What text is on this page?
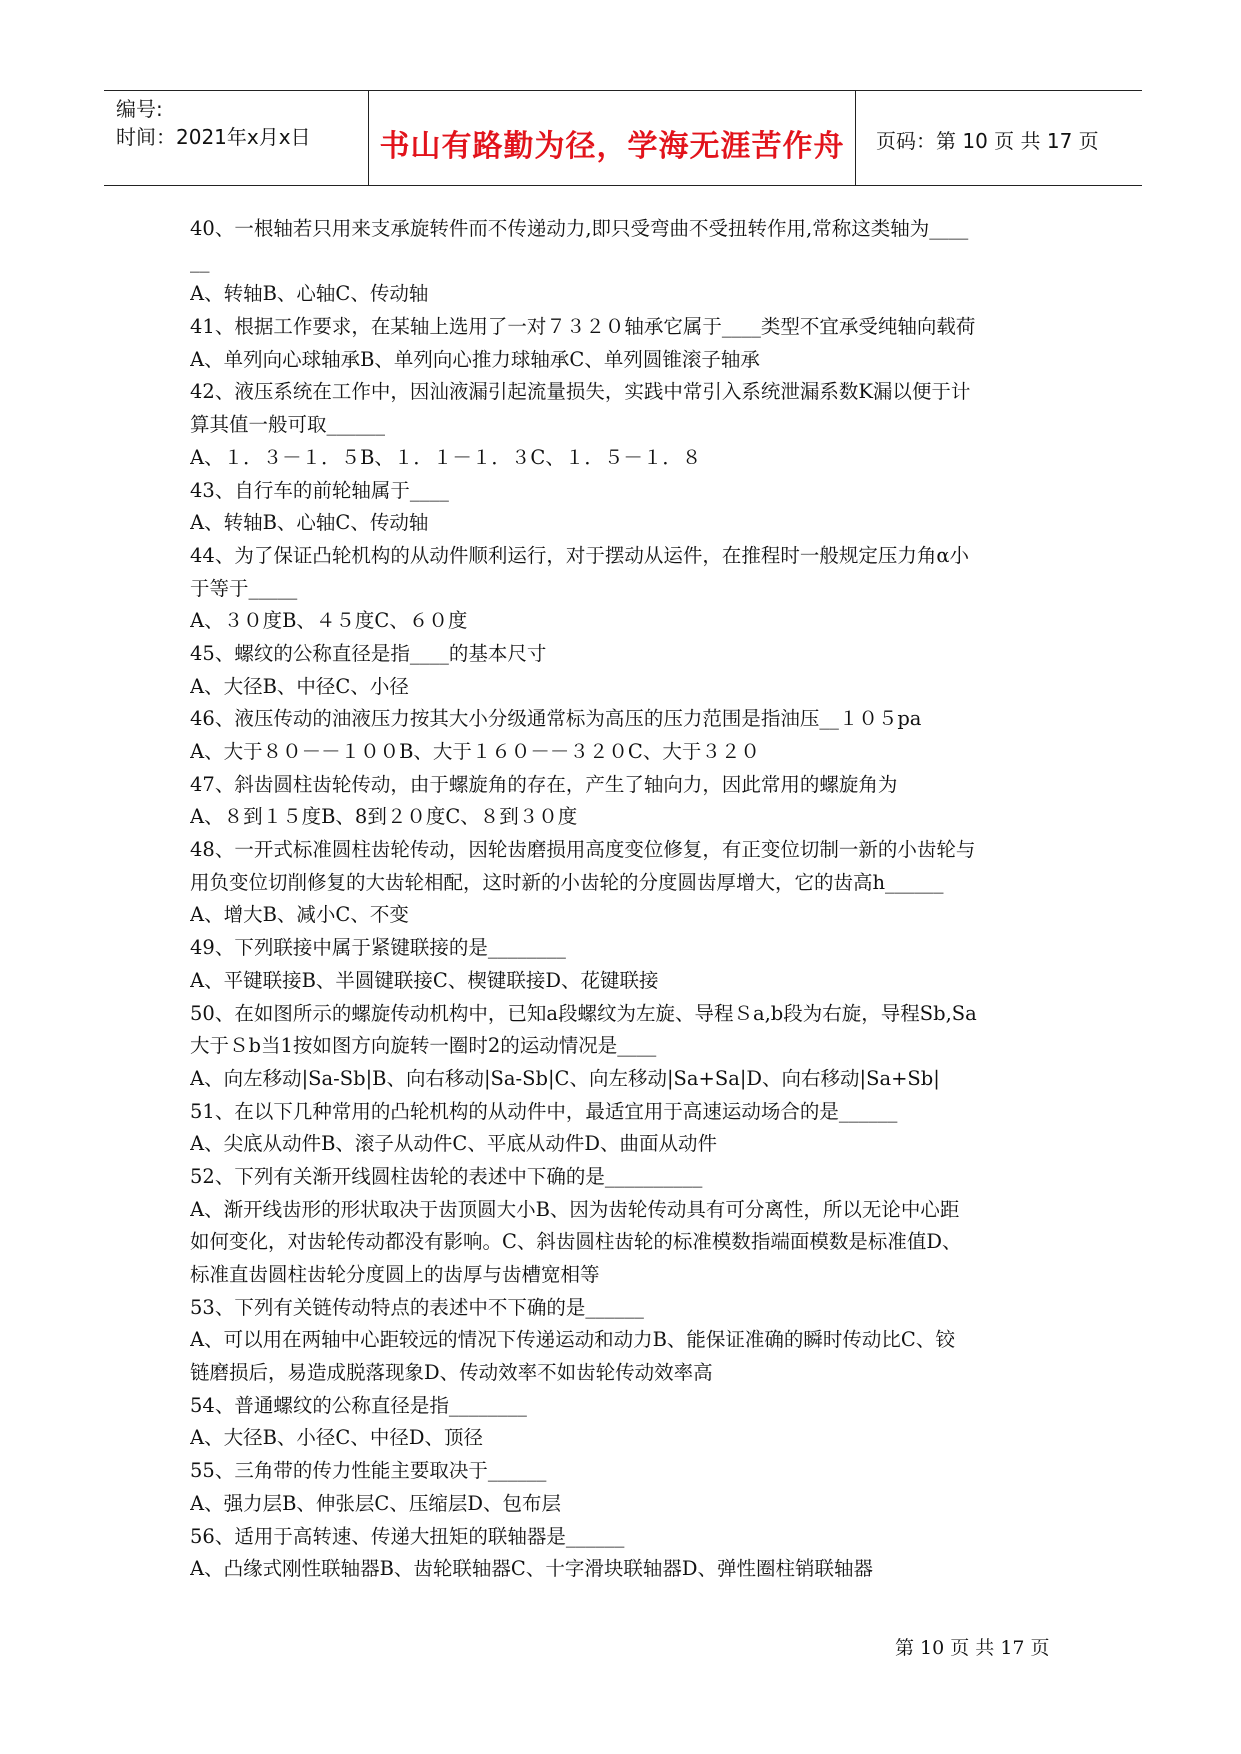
编号:
时间：2021年x月x日	书山有路勤为径，学海无涯苦作舟	页码：第 10 页 共 17 页
40、一根轴若只用来支承旋转件而不传递动力,即只受弯曲不受扭转作用,常称这类轴为____
__
A、转轴B、心轴C、传动轴
41、根据工作要求，在某轴上选用了一对７３２０轴承它属于____类型不宜承受纯轴向载荷
A、单列向心球轴承B、单列向心推力球轴承C、单列圆锥滚子轴承
42、液压系统在工作中，因汕液漏引起流量损失，实践中常引入系统泄漏系数K漏以便于计
算其值一般可取______
A、１．３－１．５B、１．１－１．３C、１．５－１．８
43、自行车的前轮轴属于____
A、转轴B、心轴C、传动轴
44、为了保证凸轮机构的从动件顺利运行，对于摆动从运件，在推程时一般规定压力角α小
于等于_____
A、３０度B、４５度C、６０度
45、螺纹的公称直径是指____的基本尺寸
A、大径B、中径C、小径
46、液压传动的油液压力按其大小分级通常标为高压的压力范围是指油压__１０５pa
A、大于８０－－１００B、大于１６０－－３２０C、大于３２０
47、斜齿圆柱齿轮传动，由于螺旋角的存在，产生了轴向力，因此常用的螺旋角为
A、８到１５度B、8到２０度C、８到３０度
48、一开式标准圆柱齿轮传动，因轮齿磨损用高度变位修复，有正变位切制一新的小齿轮与
用负变位切削修复的大齿轮相配，这时新的小齿轮的分度圆齿厚增大，它的齿高h______
A、增大B、减小C、不变
49、下列联接中属于紧键联接的是________
A、平键联接B、半圆键联接C、楔键联接D、花键联接
50、在如图所示的螺旋传动机构中，已知a段螺纹为左旋、导程Ｓa,b段为右旋，导程Sb,Sa
大于Ｓb当1按如图方向旋转一圈时2的运动情况是____
A、向左移动|Sa-Sb|B、向右移动|Sa-Sb|C、向左移动|Sa+Sa|D、向右移动|Sa+Sb|
51、在以下几种常用的凸轮机构的从动件中，最适宜用于高速运动场合的是______
A、尖底从动件B、滚子从动件C、平底从动件D、曲面从动件
52、下列有关渐开线圆柱齿轮的表述中下确的是__________
A、渐开线齿形的形状取决于齿顶圆大小B、因为齿轮传动具有可分离性，所以无论中心距
如何变化，对齿轮传动都没有影响。C、斜齿圆柱齿轮的标准模数指端面模数是标准值D、
标准直齿圆柱齿轮分度圆上的齿厚与齿槽宽相等
53、下列有关链传动特点的表述中不下确的是______
A、可以用在两轴中心距较远的情况下传递运动和动力B、能保证准确的瞬时传动比C、铰
链磨损后，易造成脱落现象D、传动效率不如齿轮传动效率高
54、普通螺纹的公称直径是指________
A、大径B、小径C、中径D、顶径
55、三角带的传力性能主要取决于______
A、强力层B、伸张层C、压缩层D、包布层
56、适用于高转速、传递大扭矩的联轴器是______
A、凸缘式刚性联轴器B、齿轮联轴器C、十字滑块联轴器D、弹性圈柱销联轴器
第 10 页 共 17 页
